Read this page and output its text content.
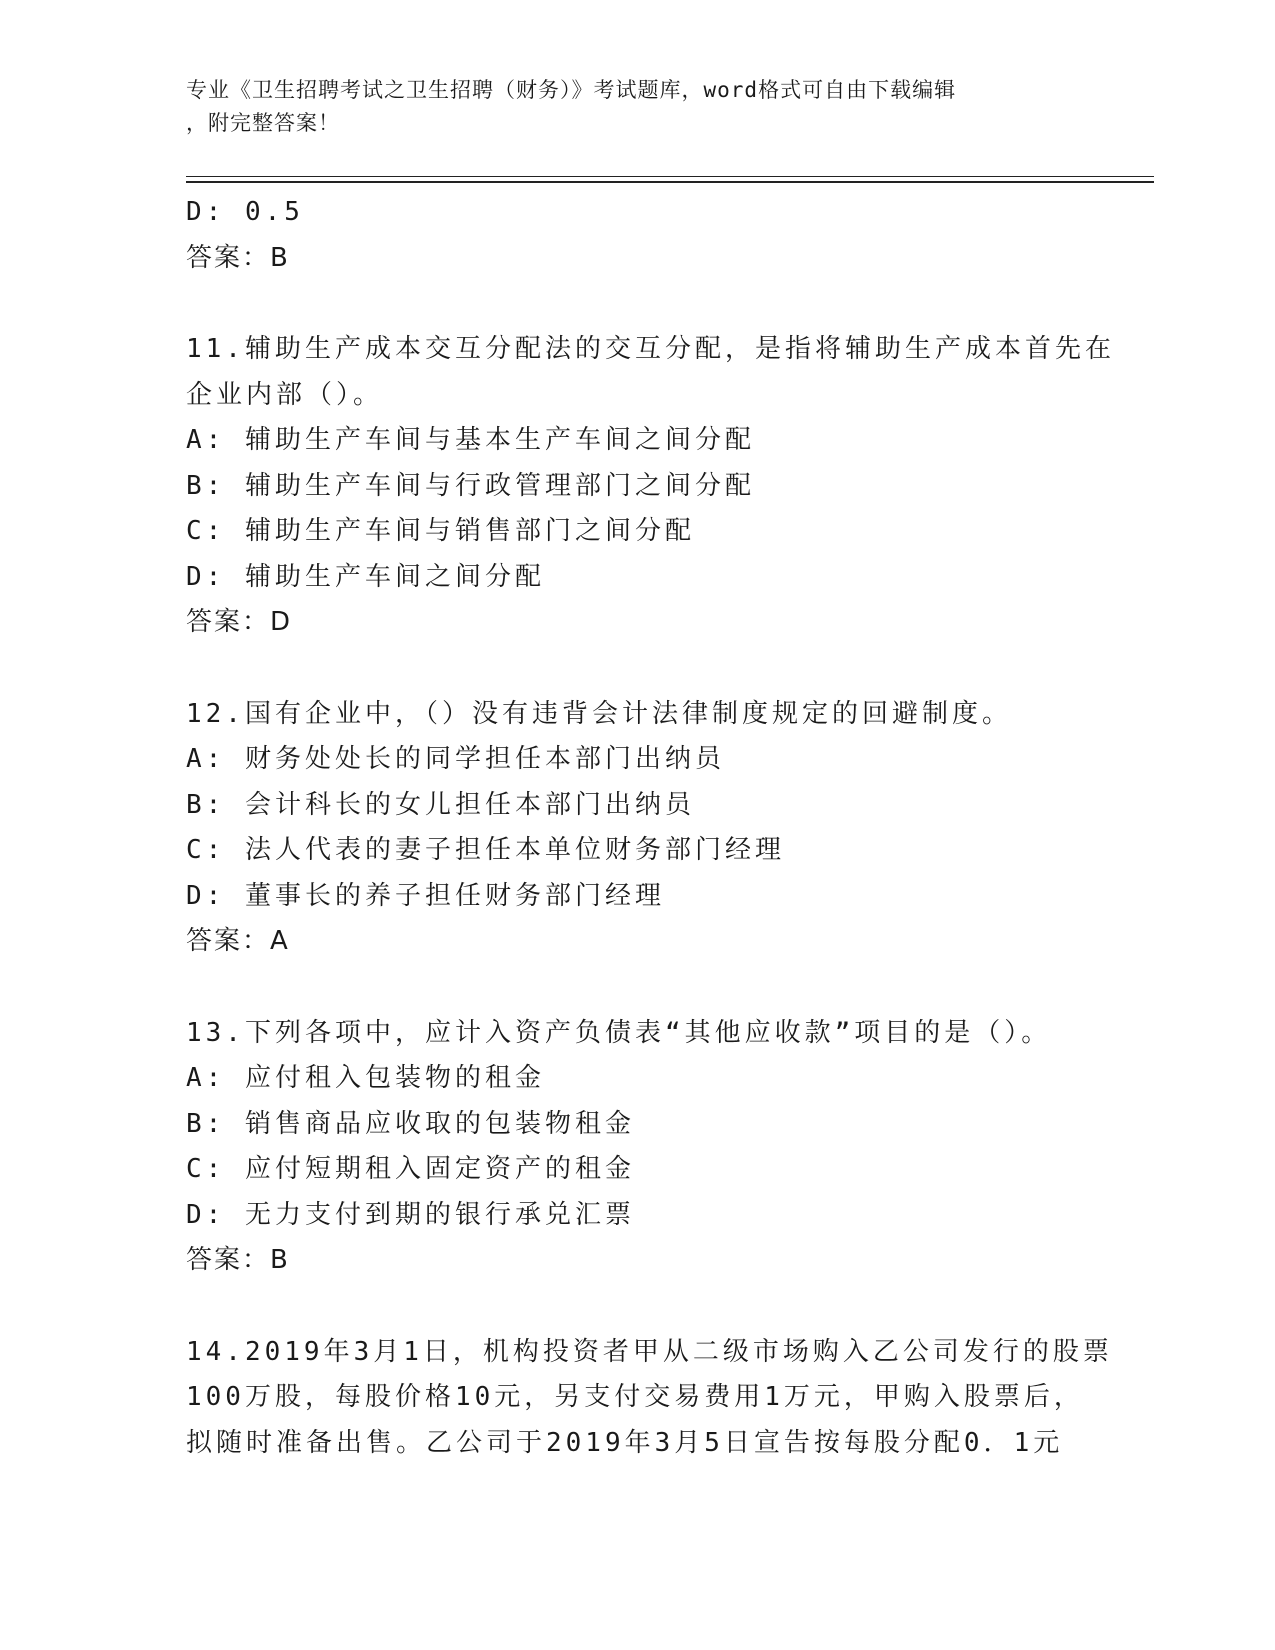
专业《卫生招聘考试之卫生招聘（财务）》考试题库，word格式可自由下载编辑
，附完整答案！
D: 0.5
答案：B
11.辅助生产成本交互分配法的交互分配，是指将辅助生产成本首先在
企业内部（）。
A: 辅助生产车间与基本生产车间之间分配
B: 辅助生产车间与行政管理部门之间分配
C: 辅助生产车间与销售部门之间分配
D: 辅助生产车间之间分配
答案：D
12.国有企业中，（）没有违背会计法律制度规定的回避制度。
A: 财务处处长的同学担任本部门出纳员
B: 会计科长的女儿担任本部门出纳员
C: 法人代表的妻子担任本单位财务部门经理
D: 董事长的养子担任财务部门经理
答案：A
13.下列各项中，应计入资产负债表“其他应收款”项目的是（）。
A: 应付租入包装物的租金
B: 销售商品应收取的包装物租金
C: 应付短期租入固定资产的租金
D: 无力支付到期的银行承兑汇票
答案：B
14.2019年3月1日，机构投资者甲从二级市场购入乙公司发行的股票
100万股，每股价格10元，另支付交易费用1万元，甲购入股票后，
拟随时准备出售。乙公司于2019年3月5日宣告按每股分配0．1元
